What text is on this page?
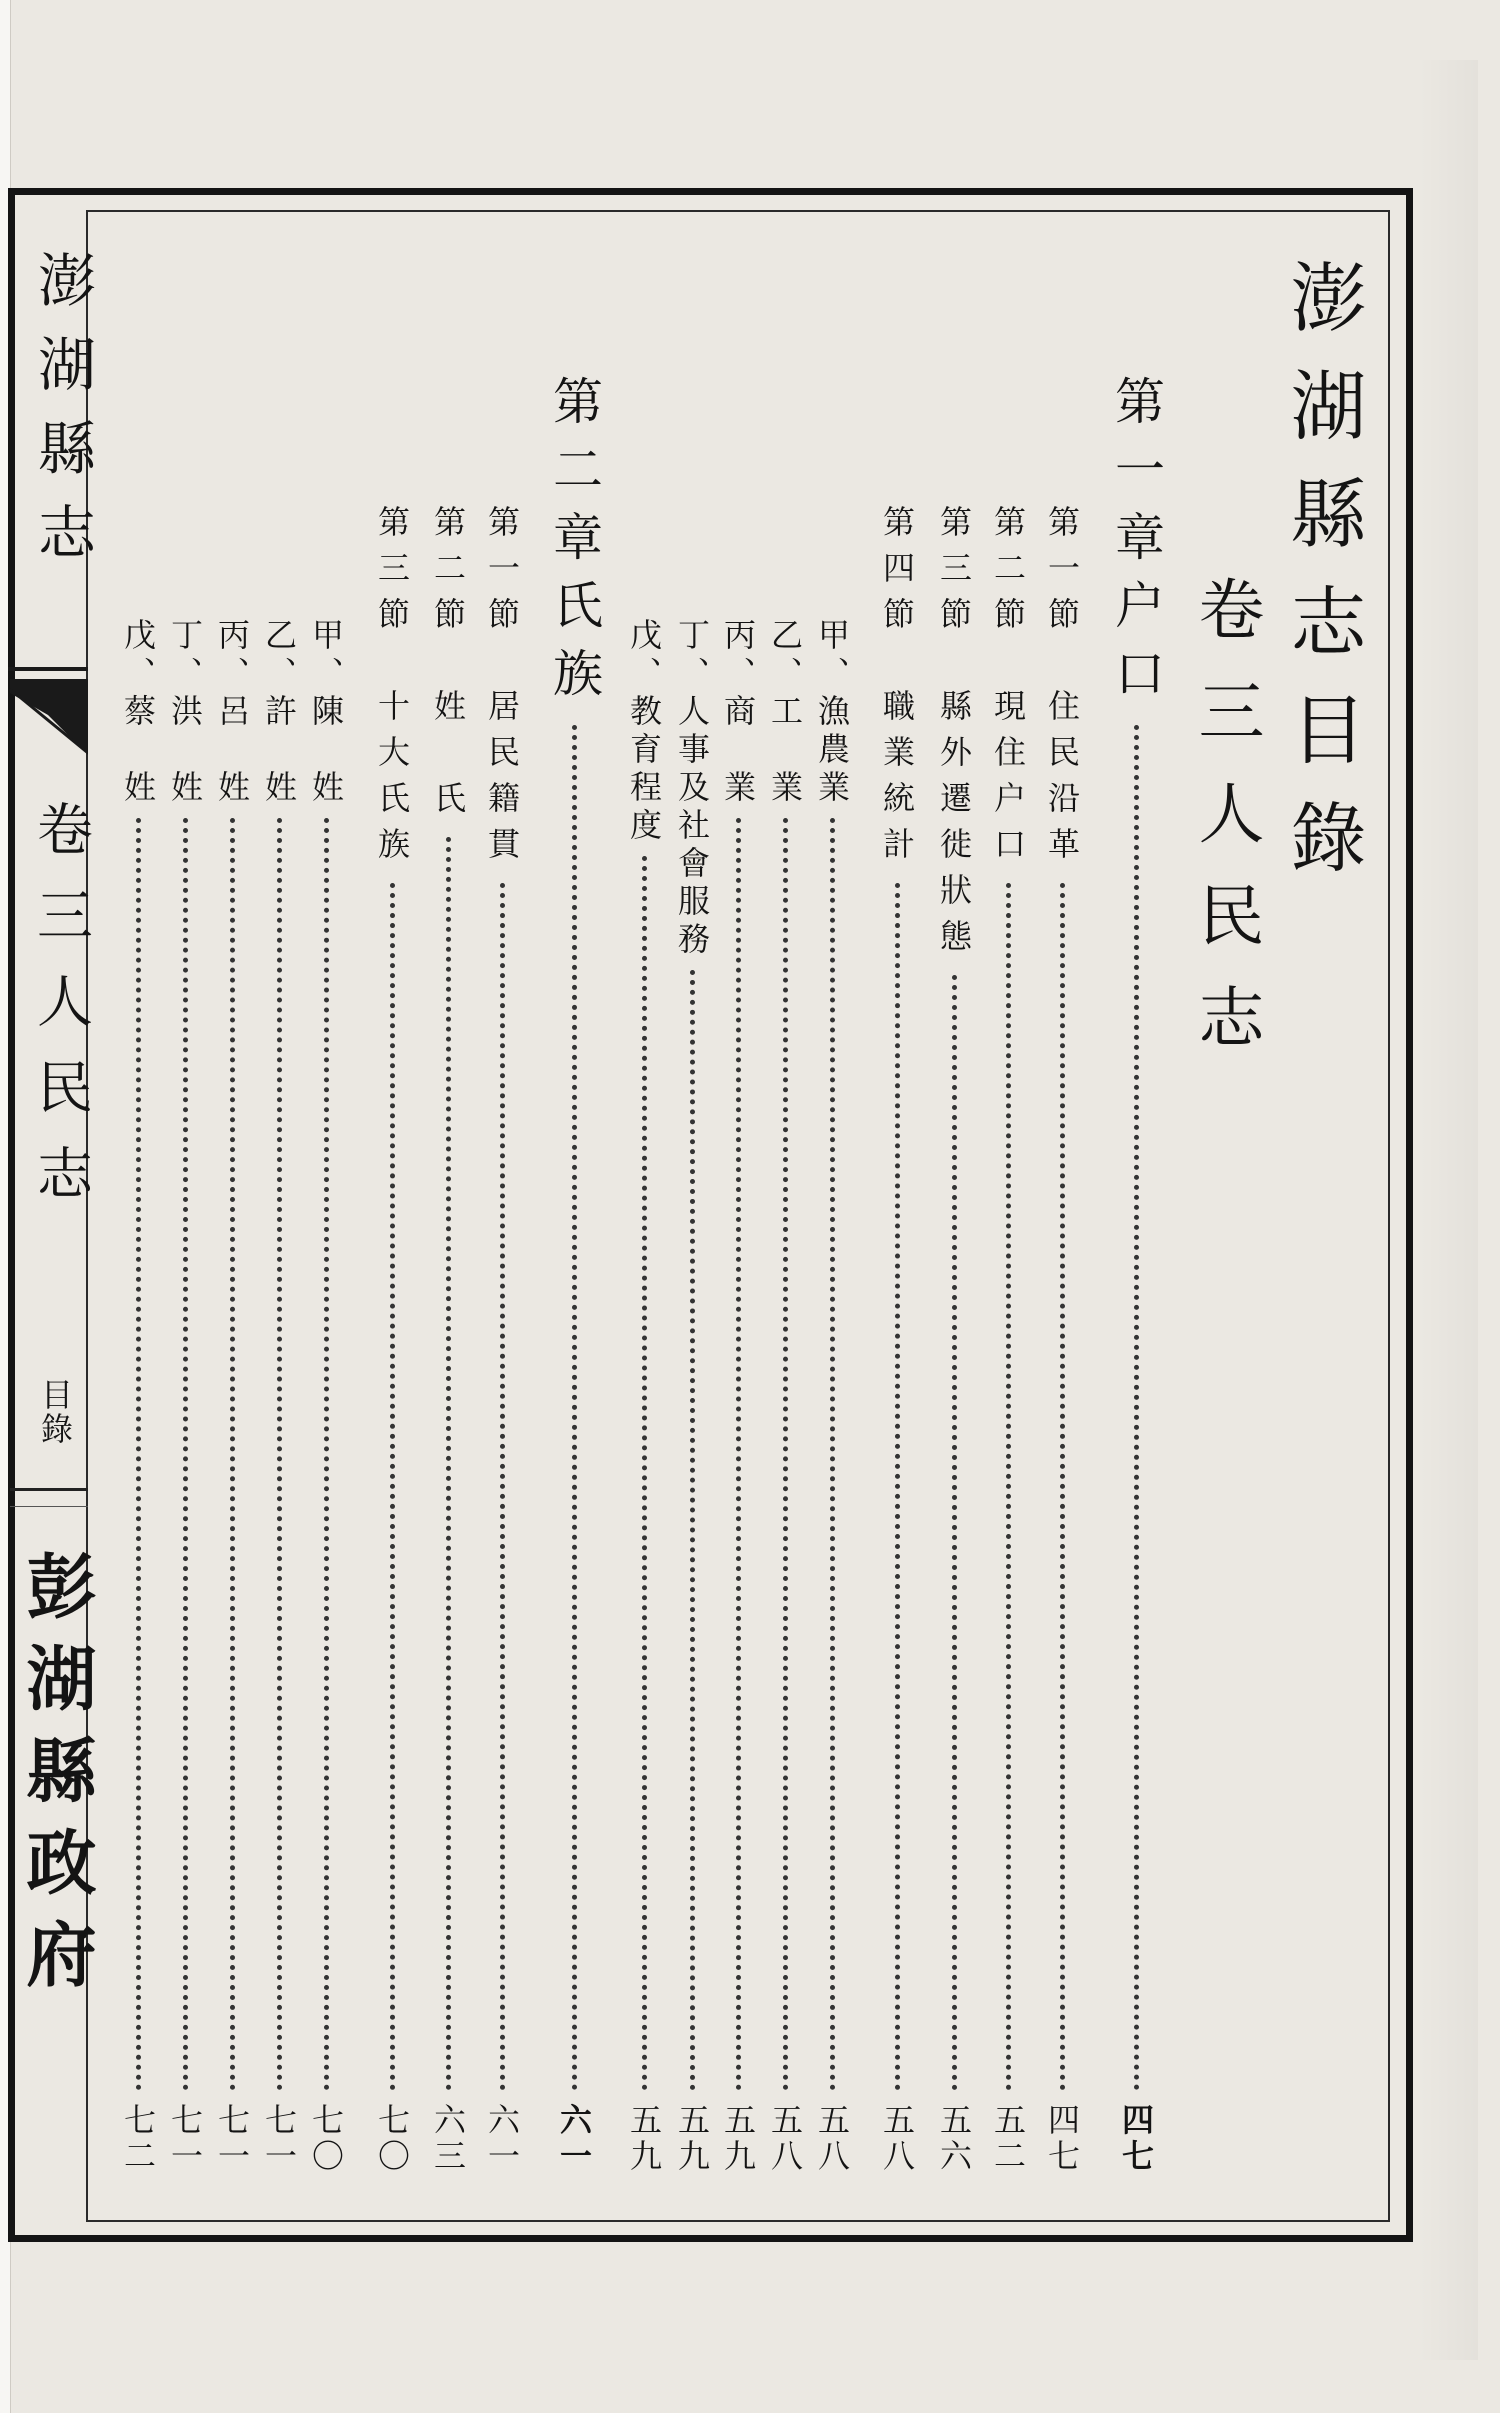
澎湖縣志
卷三人民志
目錄
彭湖縣政府
澎湖縣志目錄
卷三人民志
第一章户口
四七
第一節　住民沿革
四七
第二節　現住户口
五二
第三節　縣外遷徙狀態
五六
第四節　職業統計
五八
甲、漁農業
五八
乙、工　業
五八
丙、商　業
五九
丁、人事及社會服務
五九
戊、教育程度
五九
第二章氏族
六一
第一節　居民籍貫
六一
第二節　姓　氏
六三
第三節　十大氏族
七〇
甲、陳　姓
七〇
乙、許　姓
七一
丙、呂　姓
七一
丁、洪　姓
七一
戊、蔡　姓
七二
